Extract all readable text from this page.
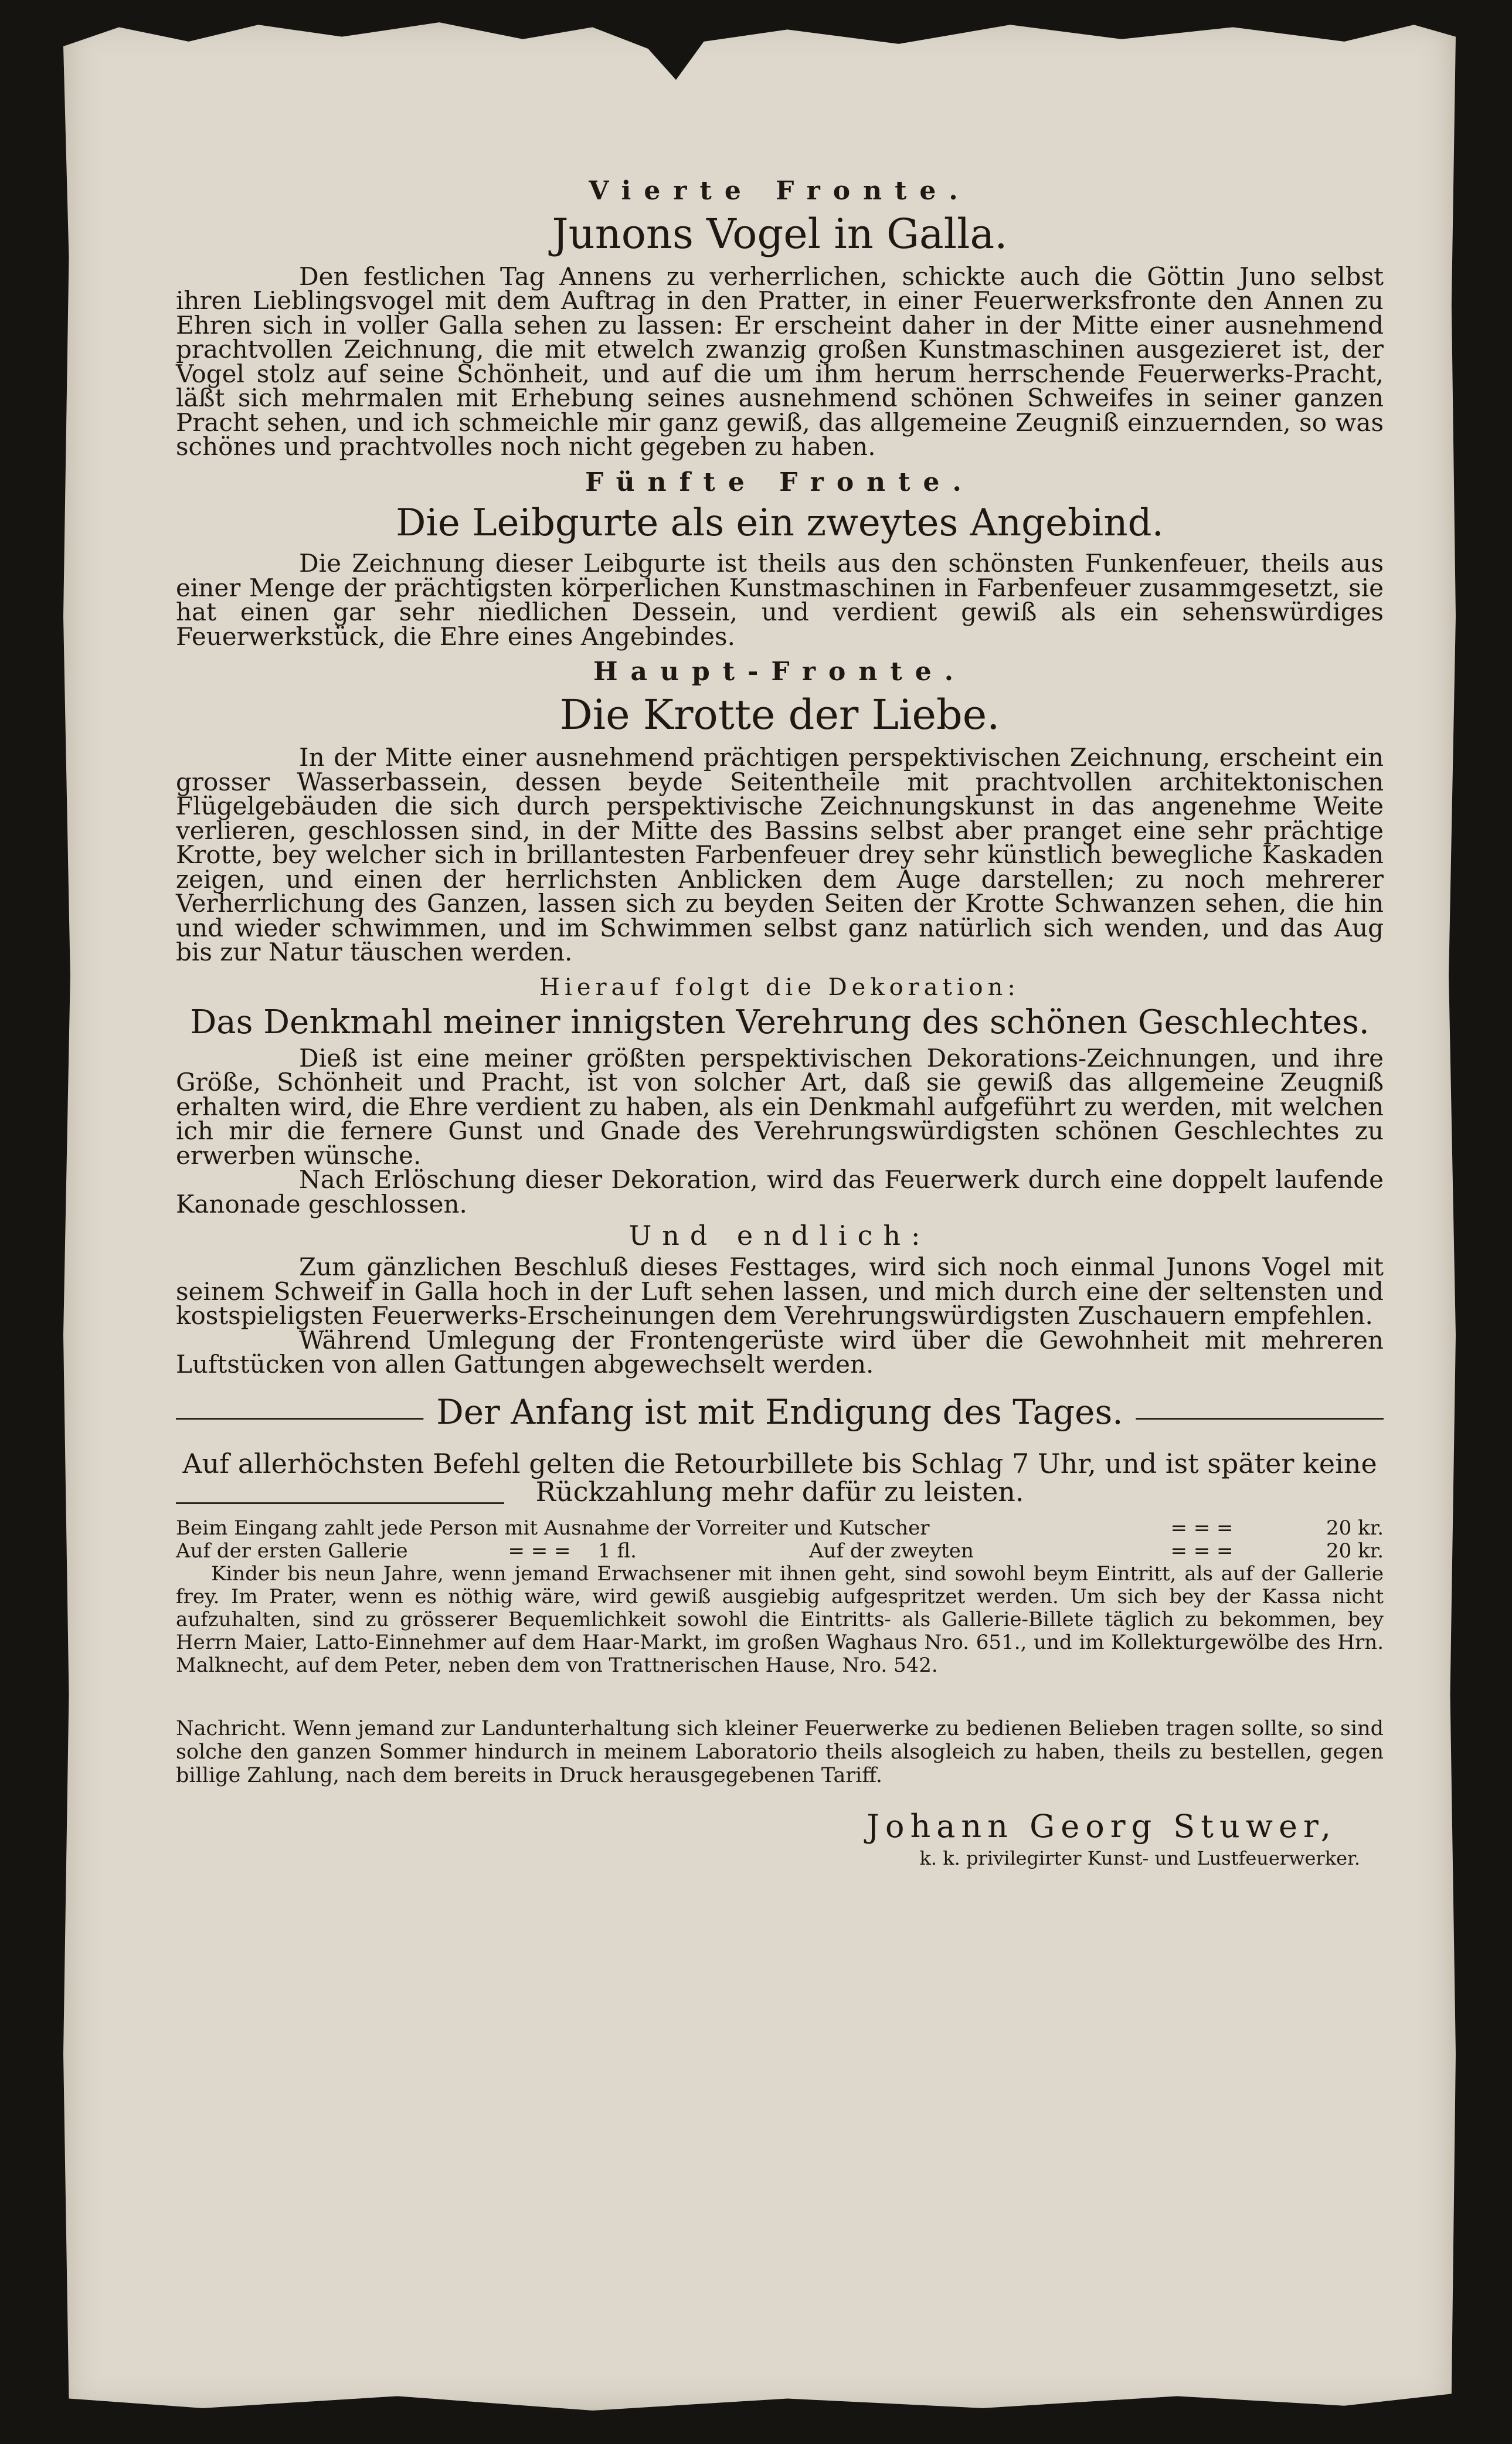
Vierte Fronte.

Junons Vogel in Galla.

Den festlichen Tag Annens zu verherrlichen, schickte auch die Göttin Juno selbst ihren Lieblingsvogel mit dem Auftrag in den Pratter, in einer Feuerwerksfronte den Annen zu Ehren sich in voller Galla sehen zu lassen: Er erscheint daher in der Mitte einer ausnehmend prachtvollen Zeichnung, die mit etwelch zwanzig großen Kunstmaschinen ausgezieret ist, der Vogel stolz auf seine Schönheit, und auf die um ihm herum herrschende Feuerwerks-Pracht, läßt sich mehrmalen mit Erhebung seines ausnehmend schönen Schweifes in seiner ganzen Pracht sehen, und ich schmeichle mir ganz gewiß, das allgemeine Zeugniß einzuernden, so was schönes und prachtvolles noch nicht gegeben zu haben.

Fünfte Fronte.

Die Leibgurte als ein zweytes Angebind.

Die Zeichnung dieser Leibgurte ist theils aus den schönsten Funkenfeuer, theils aus einer Menge der prächtigsten körperlichen Kunstmaschinen in Farbenfeuer zusammgesetzt, sie hat einen gar sehr niedlichen Dessein, und verdient gewiß als ein sehenswürdiges Feuerwerkstück, die Ehre eines Angebindes.

Haupt-Fronte.

Die Krotte der Liebe.

In der Mitte einer ausnehmend prächtigen perspektivischen Zeichnung, erscheint ein grosser Wasserbassein, dessen beyde Seitentheile mit prachtvollen architektonischen Flügelgebäuden die sich durch perspektivische Zeichnungskunst in das angenehme Weite verlieren, geschlossen sind, in der Mitte des Bassins selbst aber pranget eine sehr prächtige Krotte, bey welcher sich in brillantesten Farbenfeuer drey sehr künstlich bewegliche Kaskaden zeigen, und einen der herrlichsten Anblicken dem Auge darstellen; zu noch mehrerer Verherrlichung des Ganzen, lassen sich zu beyden Seiten der Krotte Schwanzen sehen, die hin und wieder schwimmen, und im Schwimmen selbst ganz natürlich sich wenden, und das Aug bis zur Natur täuschen werden.

Hierauf folgt die Dekoration:

Das Denkmahl meiner innigsten Verehrung des schönen Geschlechtes.

Dieß ist eine meiner größten perspektivischen Dekorations-Zeichnungen, und ihre Größe, Schönheit und Pracht, ist von solcher Art, daß sie gewiß das allgemeine Zeugniß erhalten wird, die Ehre verdient zu haben, als ein Denkmahl aufgeführt zu werden, mit welchen ich mir die fernere Gunst und Gnade des Verehrungswürdigsten schönen Geschlechtes zu erwerben wünsche.

Nach Erlöschung dieser Dekoration, wird das Feuerwerk durch eine doppelt laufende Kanonade geschlossen.

Und endlich:

Zum gänzlichen Beschluß dieses Festtages, wird sich noch einmal Junons Vogel mit seinem Schweif in Galla hoch in der Luft sehen lassen, und mich durch eine der seltensten und kostspieligsten Feuerwerks-Erscheinungen dem Verehrungswürdigsten Zuschauern empfehlen.

Während Umlegung der Frontengerüste wird über die Gewohnheit mit mehreren Luftstücken von allen Gattungen abgewechselt werden.

Der Anfang ist mit Endigung des Tages.

Auf allerhöchsten Befehl gelten die Retourbillete bis Schlag 7 Uhr, und ist später keine

Rückzahlung mehr dafür zu leisten.

Beim Eingang zahlt jede Person mit Ausnahme der Vorreiter und Kutscher	= = =	20 kr.
Auf der ersten Gallerie	= = =	1 fl.	Auf der zweyten	= = =	20 kr.

Kinder bis neun Jahre, wenn jemand Erwachsener mit ihnen geht, sind sowohl beym Eintritt, als auf der Gallerie frey. Im Prater, wenn es nöthig wäre, wird gewiß ausgiebig aufgespritzet werden. Um sich bey der Kassa nicht aufzuhalten, sind zu grösserer Bequemlichkeit sowohl die Eintritts- als Gallerie-Billete täglich zu bekommen, bey Herrn Maier, Latto-Einnehmer auf dem Haar-Markt, im großen Waghaus Nro. 651., und im Kollekturgewölbe des Hrn. Malknecht, auf dem Peter, neben dem von Trattnerischen Hause, Nro. 542.

Nachricht. Wenn jemand zur Landunterhaltung sich kleiner Feuerwerke zu bedienen Belieben tragen sollte, so sind solche den ganzen Sommer hindurch in meinem Laboratorio theils alsogleich zu haben, theils zu bestellen, gegen billige Zahlung, nach dem bereits in Druck herausgegebenen Tariff.

Johann Georg Stuwer,

k. k. privilegirter Kunst- und Lustfeuerwerker.
